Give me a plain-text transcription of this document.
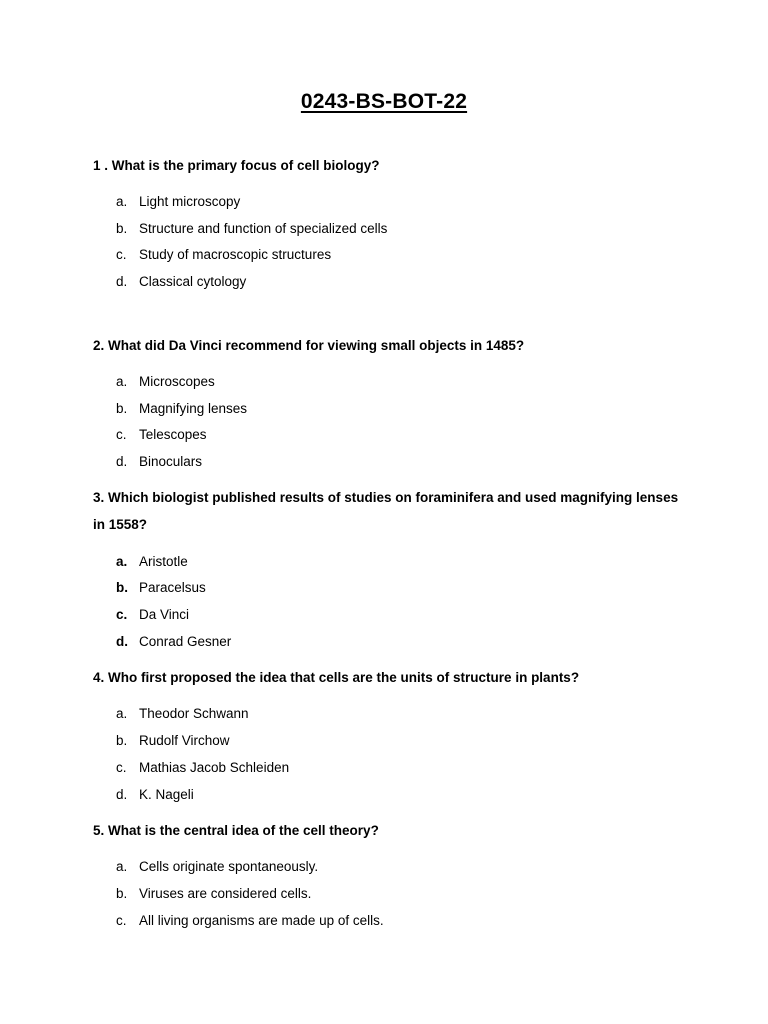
0243-BS-BOT-22
1 . What is the primary focus of cell biology?
a. Light microscopy
b. Structure and function of specialized cells
c. Study of macroscopic structures
d. Classical cytology
2. What did Da Vinci recommend for viewing small objects in 1485?
a. Microscopes
b. Magnifying lenses
c. Telescopes
d. Binoculars
3. Which biologist published results of studies on foraminifera and used magnifying lenses in 1558?
a. Aristotle
b. Paracelsus
c. Da Vinci
d. Conrad Gesner
4. Who first proposed the idea that cells are the units of structure in plants?
a. Theodor Schwann
b. Rudolf Virchow
c. Mathias Jacob Schleiden
d. K. Nageli
5. What is the central idea of the cell theory?
a. Cells originate spontaneously.
b. Viruses are considered cells.
c. All living organisms are made up of cells.
